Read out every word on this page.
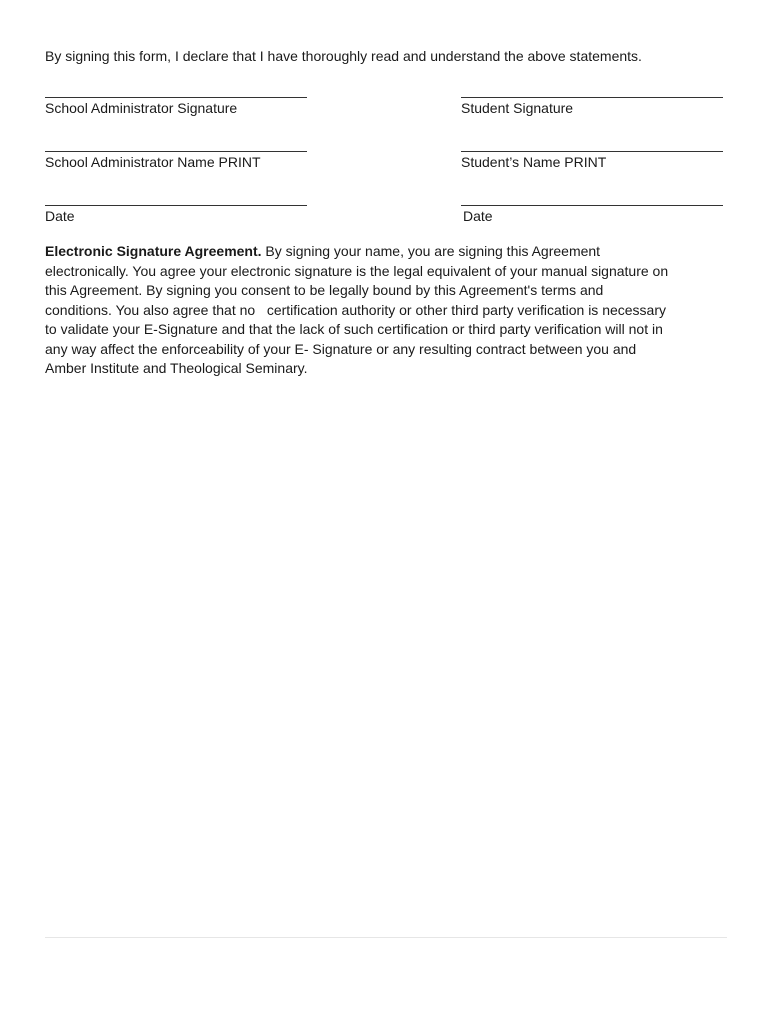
By signing this form, I declare that I have thoroughly read and understand the above statements.
School Administrator Signature	Student Signature
School Administrator Name PRINT	Student’s Name PRINT
Date	Date
Electronic Signature Agreement. By signing your name, you are signing this Agreement
electronically. You agree your electronic signature is the legal equivalent of your manual signature on
this Agreement. By signing you consent to be legally bound by this Agreement's terms and
conditions. You also agree that no   certification authority or other third party verification is necessary
to validate your E-Signature and that the lack of such certification or third party verification will not in
any way affect the enforceability of your E- Signature or any resulting contract between you and
Amber Institute and Theological Seminary.
